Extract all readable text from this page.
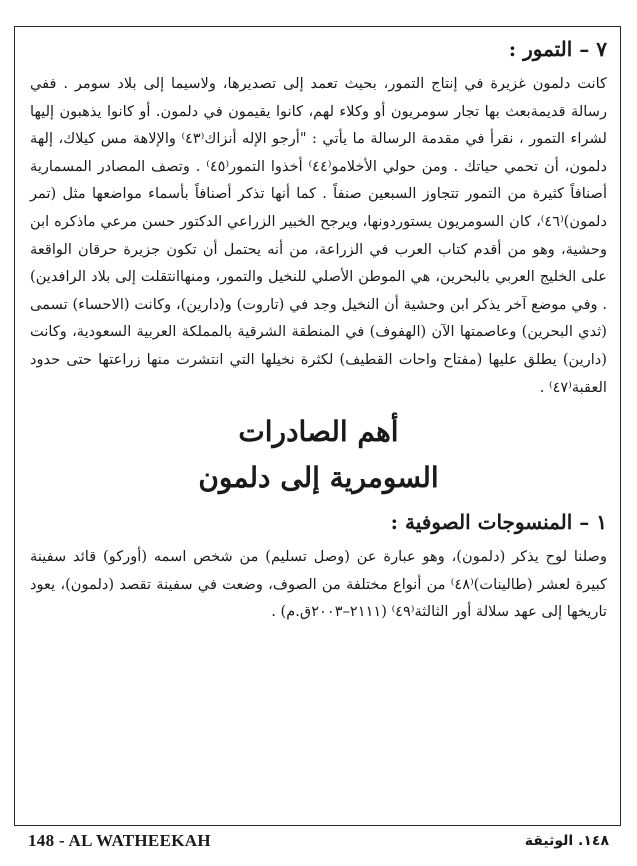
٧ – التمور :

كانت دلمون غزيرة في إنتاج التمور، بحيث تعمد إلى تصديرها، ولاسيما إلى بلاد سومر . ففي رسالة قديمةبعث بها تجار سومريون أو وكلاء لهم، كانوا يقيمون في دلمون. أو كانوا يذهبون إليها لشراء التمور ، نقرأ في مقدمة الرسالة ما يأتي : "أرجو الإله أنزاك⁽٤٣⁾ والإلاهة مس كيلاك، إلهة دلمون، أن تحمي حياتك . ومن حولي الأخلامو⁽٤٤⁾ أخذوا التمور⁽٤٥⁾ . وتصف المصادر المسمارية أصنافاً كثيرة من التمور تتجاوز السبعين صنفاً . كما أنها تذكر أصنافاً بأسماء مواضعها مثل (تمر دلمون)⁽٤٦⁾، كان السومريون يستوردونها، ويرجح الخبير الزراعي الدكتور حسن مرعي ماذكره ابن وحشية، وهو من أقدم كتاب العرب في الزراعة، من أنه يحتمل أن تكون جزيرة حرقان الواقعة على الخليج العربي بالبحرين، هي الموطن الأصلي للنخيل والتمور، ومنهاانتقلت إلى بلاد الرافدين) . وفي موضع آخر يذكر ابن وحشية أن النخيل وجد في (تاروت) و(دارين)، وكانت (الاحساء) تسمى (ثدي البحرين) وعاصمتها الآن (الهفوف) في المنطقة الشرقية بالمملكة العربية السعودية، وكانت (دارين) يطلق عليها (مفتاح واحات القطيف) لكثرة نخيلها التي انتشرت منها زراعتها حتى حدود العقبة⁽٤٧⁾ .

أهم الصادرات
السومرية إلى دلمون
١ – المنسوجات الصوفية :

وصلنا لوح يذكر (دلمون)، وهو عبارة عن (وصل تسليم) من شخص اسمه (أوركو) قائد سفينة كبيرة لعشر (طالينات)⁽٤٨⁾ من أنواع مختلفة من الصوف، وضعت في سفينة تقصد (دلمون)، يعود تاريخها إلى عهد سلالة أور الثالثة⁽٤٩⁾ (٢١١١–٢٠٠٣ق.م) .

148 - AL WATHEEKAH	١٤٨. الوثيقة
